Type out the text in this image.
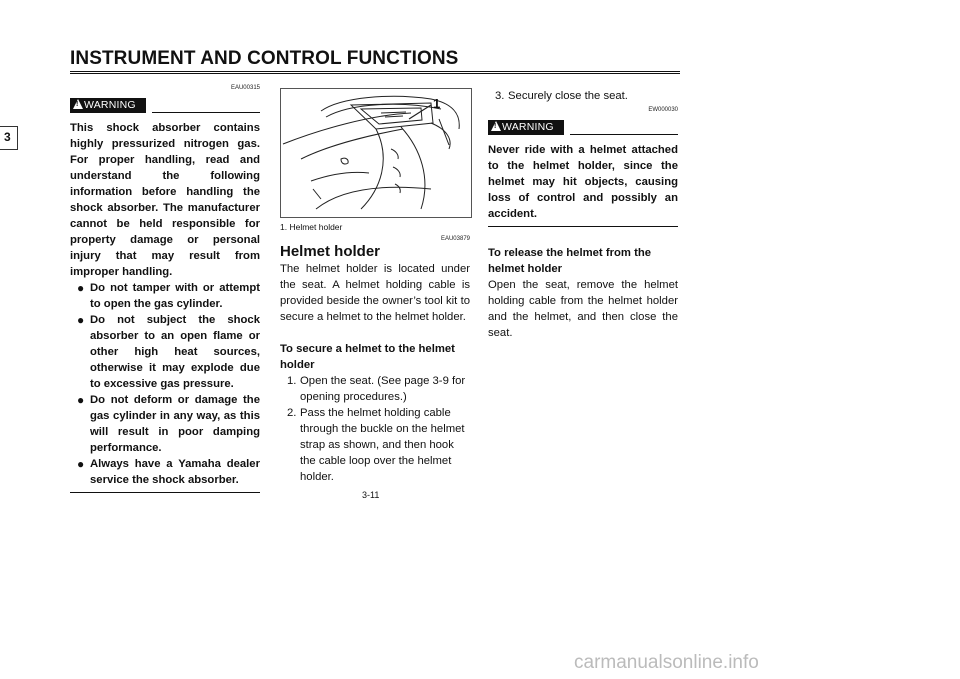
INSTRUMENT AND CONTROL FUNCTIONS
3
EAU00315
!WARNING

This shock absorber contains highly pressurized nitrogen gas. For proper handling, read and understand the following information before handling the shock absorber. The manufacturer cannot be held responsible for property damage or personal injury that may result from improper handling.

● Do not tamper with or attempt to open the gas cylinder.
● Do not subject the shock absorber to an open flame or other high heat sources, otherwise it may explode due to excessive gas pressure.
● Do not deform or damage the gas cylinder in any way, as this will result in poor damping performance.
● Always have a Yamaha dealer service the shock absorber.
1
1. Helmet holder
EAU03879
Helmet holder
The helmet holder is located under the seat. A helmet holding cable is provided beside the owner’s tool kit to secure a helmet to the helmet holder.
To secure a helmet to the helmet holder
1. Open the seat. (See page 3-9 for opening procedures.)
2. Pass the helmet holding cable through the buckle on the helmet strap as shown, and then hook the cable loop over the helmet holder.
3. Securely close the seat.
EW000030
!WARNING

Never ride with a helmet attached to the helmet holder, since the helmet may hit objects, causing loss of control and possibly an accident.

To release the helmet from the helmet holder
Open the seat, remove the helmet holding cable from the helmet holder and the helmet, and then close the seat.
3-11
carmanualsonline.info
